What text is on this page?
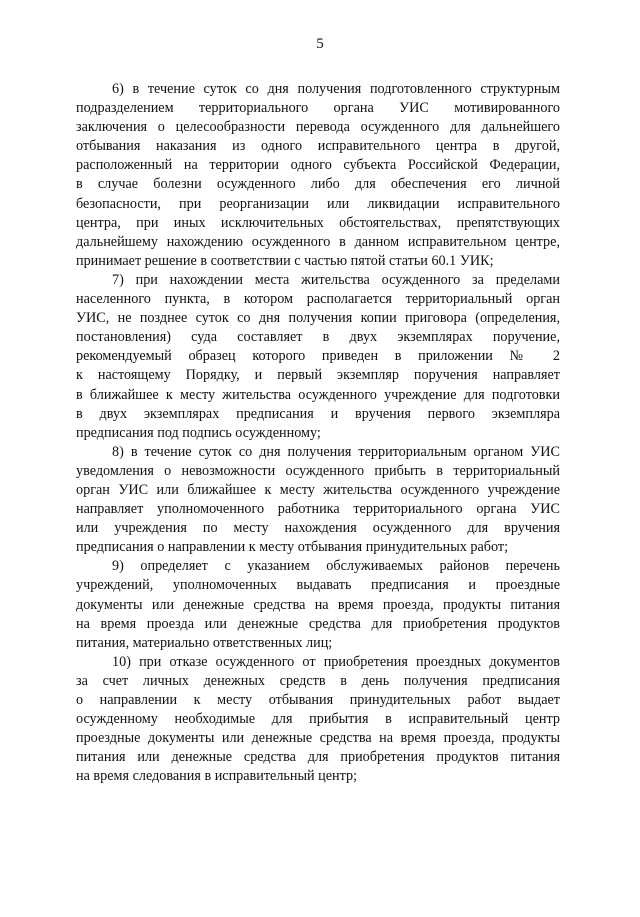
5
6) в течение суток со дня получения подготовленного структурным
подразделением территориального органа УИС мотивированного
заключения о целесообразности перевода осужденного для дальнейшего
отбывания наказания из одного исправительного центра в другой,
расположенный на территории одного субъекта Российской Федерации,
в случае болезни осужденного либо для обеспечения его личной
безопасности, при реорганизации или ликвидации исправительного
центра, при иных исключительных обстоятельствах, препятствующих
дальнейшему нахождению осужденного в данном исправительном центре,
принимает решение в соответствии с частью пятой статьи 60.1 УИК;
7) при нахождении места жительства осужденного за пределами
населенного пункта, в котором располагается территориальный орган
УИС, не позднее суток со дня получения копии приговора (определения,
постановления) суда составляет в двух экземплярах поручение,
рекомендуемый образец которого приведен в приложении № 2
к настоящему Порядку, и первый экземпляр поручения направляет
в ближайшее к месту жительства осужденного учреждение для подготовки
в двух экземплярах предписания и вручения первого экземпляра
предписания под подпись осужденному;
8) в течение суток со дня получения территориальным органом УИС
уведомления о невозможности осужденного прибыть в территориальный
орган УИС или ближайшее к месту жительства осужденного учреждение
направляет уполномоченного работника территориального органа УИС
или учреждения по месту нахождения осужденного для вручения
предписания о направлении к месту отбывания принудительных работ;
9) определяет с указанием обслуживаемых районов перечень
учреждений, уполномоченных выдавать предписания и проездные
документы или денежные средства на время проезда, продукты питания
на время проезда или денежные средства для приобретения продуктов
питания, материально ответственных лиц;
10) при отказе осужденного от приобретения проездных документов
за счет личных денежных средств в день получения предписания
о направлении к месту отбывания принудительных работ выдает
осужденному необходимые для прибытия в исправительный центр
проездные документы или денежные средства на время проезда, продукты
питания или денежные средства для приобретения продуктов питания
на время следования в исправительный центр;
